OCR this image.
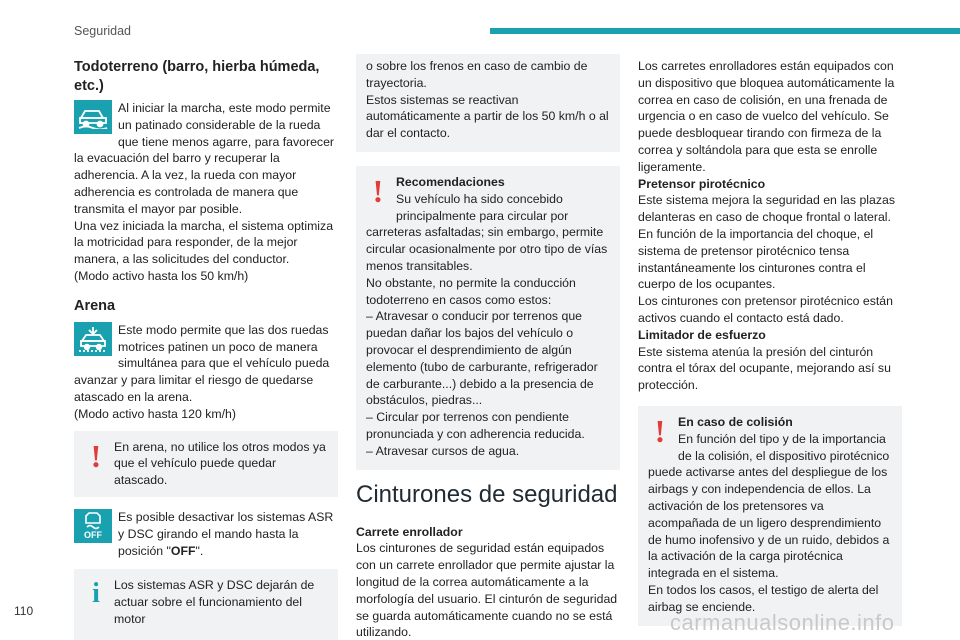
Seguridad
Todoterreno (barro, hierba húmeda, etc.)

Al iniciar la marcha, este modo permite un patinado considerable de la rueda que tiene menos agarre, para favorecer la evacuación del barro y recuperar la adherencia. A la vez, la rueda con mayor adherencia es controlada de manera que transmita el mayor par posible.

Una vez iniciada la marcha, el sistema optimiza la motricidad para responder, de la mejor manera, a las solicitudes del conductor.

(Modo activo hasta los 50 km/h)

Arena

Este modo permite que las dos ruedas motrices patinen un poco de manera simultánea para que el vehículo pueda avanzar y para limitar el riesgo de quedarse atascado en la arena.

(Modo activo hasta 120 km/h)

!	En arena, no utilice los otros modos ya que el vehículo puede quedar atascado.

OFF

Es posible desactivar los sistemas ASR y DSC girando el mando hasta la posición "OFF".

i	Los sistemas ASR y DSC dejarán de actuar sobre el funcionamiento del motor

o sobre los frenos en caso de cambio de trayectoria.

Estos sistemas se reactivan automáticamente a partir de los 50 km/h o al dar el contacto.

!	Recomendaciones

Su vehículo ha sido concebido principalmente para circular por carreteras asfaltadas; sin embargo, permite circular ocasionalmente por otro tipo de vías menos transitables.

No obstante, no permite la conducción todoterreno en casos como estos:

– Atravesar o conducir por terrenos que puedan dañar los bajos del vehículo o provocar el desprendimiento de algún elemento (tubo de carburante, refrigerador de carburante...) debido a la presencia de obstáculos, piedras...

– Circular por terrenos con pendiente pronunciada y con adherencia reducida.

– Atravesar cursos de agua.

Cinturones de seguridad

Carrete enrollador

Los cinturones de seguridad están equipados con un carrete enrollador que permite ajustar la longitud de la correa automáticamente a la morfología del usuario. El cinturón de seguridad se guarda automáticamente cuando no se está utilizando.

Los carretes enrolladores están equipados con un dispositivo que bloquea automáticamente la correa en caso de colisión, en una frenada de urgencia o en caso de vuelco del vehículo. Se puede desbloquear tirando con firmeza de la correa y soltándola para que esta se enrolle ligeramente.

Pretensor pirotécnico

Este sistema mejora la seguridad en las plazas delanteras en caso de choque frontal o lateral.

En función de la importancia del choque, el sistema de pretensor pirotécnico tensa instantáneamente los cinturones contra el cuerpo de los ocupantes.

Los cinturones con pretensor pirotécnico están activos cuando el contacto está dado.

Limitador de esfuerzo

Este sistema atenúa la presión del cinturón contra el tórax del ocupante, mejorando así su protección.

!	En caso de colisión

En función del tipo y de la importancia de la colisión, el dispositivo pirotécnico puede activarse antes del despliegue de los airbags y con independencia de ellos. La activación de los pretensores va acompañada de un ligero desprendimiento de humo inofensivo y de un ruido, debidos a la activación de la carga pirotécnica integrada en el sistema.

En todos los casos, el testigo de alerta del airbag se enciende.

110	carmanualsonline.info
